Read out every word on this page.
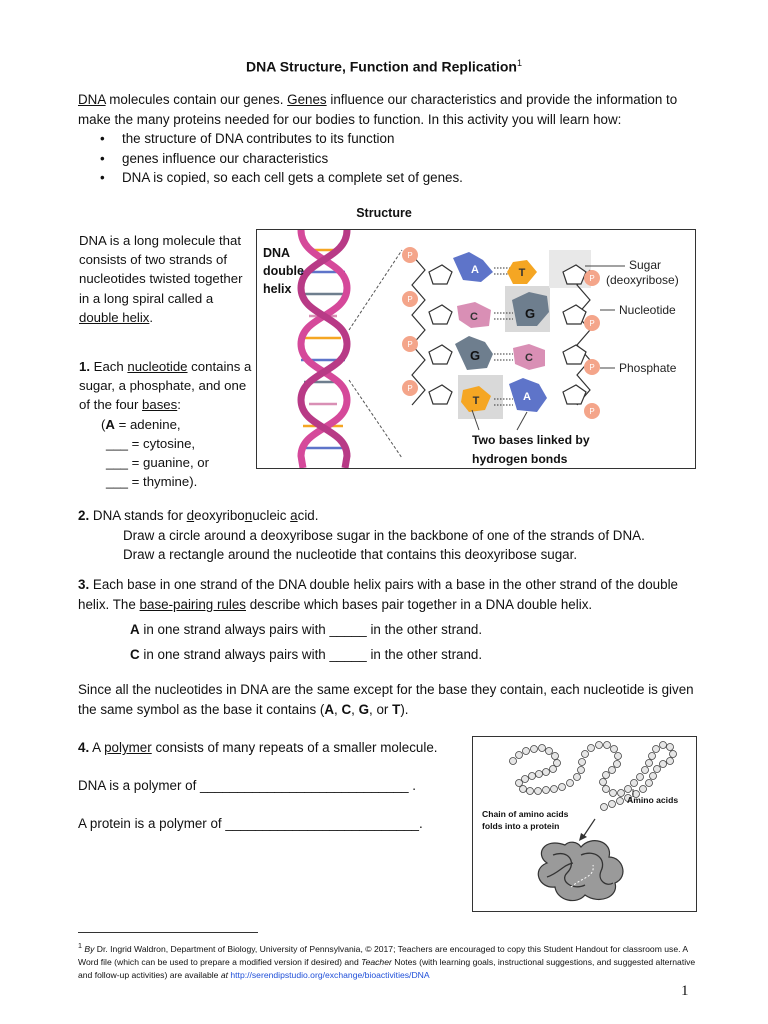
DNA Structure, Function and Replication$^1$
DNA molecules contain our genes. Genes influence our characteristics and provide the information to make the many proteins needed for our bodies to function. In this activity you will learn how:
• the structure of DNA contributes to its function
• genes influence our characteristics
• DNA is copied, so each cell gets a complete set of genes.
Structure
DNA is a long molecule that consists of two strands of nucleotides twisted together in a long spiral called a double helix.
1. Each nucleotide contains a sugar, a phosphate, and one of the four bases:
(A = adenine,
___ = cytosine,
___ = guanine, or
___ = thymine).
P
P
P
P
P
P
P
P
A	T
C	G
G	C
T	A
DNA
double
helix
Sugar
(deoxyribose)
Nucleotide
Phosphate
Two bases linked by
hydrogen bonds
2. DNA stands for deoxyribonucleic acid.
Draw a circle around a deoxyribose sugar in the backbone of one of the strands of DNA.
Draw a rectangle around the nucleotide that contains this deoxyribose sugar.
3. Each base in one strand of the DNA double helix pairs with a base in the other strand of the double helix. The base-pairing rules describe which bases pair together in a DNA double helix.
A in one strand always pairs with _____ in the other strand.
C in one strand always pairs with _____ in the other strand.
Since all the nucleotides in DNA are the same except for the base they contain, each nucleotide is given the same symbol as the base it contains (A, C, G, or T).
4. A polymer consists of many repeats of a smaller molecule.
DNA is a polymer of ____________________________ .
A protein is a polymer of __________________________.
Amino acids
Chain of amino acids
folds into a protein
$^1$ By Dr. Ingrid Waldron, Department of Biology, University of Pennsylvania, © 2017; Teachers are encouraged to copy this Student Handout for classroom use. A Word file (which can be used to prepare a modified version if desired) and Teacher Notes (with learning goals, instructional suggestions, and suggested alternative and follow-up activities) are available at http://serendipstudio.org/exchange/bioactivities/DNA
1
